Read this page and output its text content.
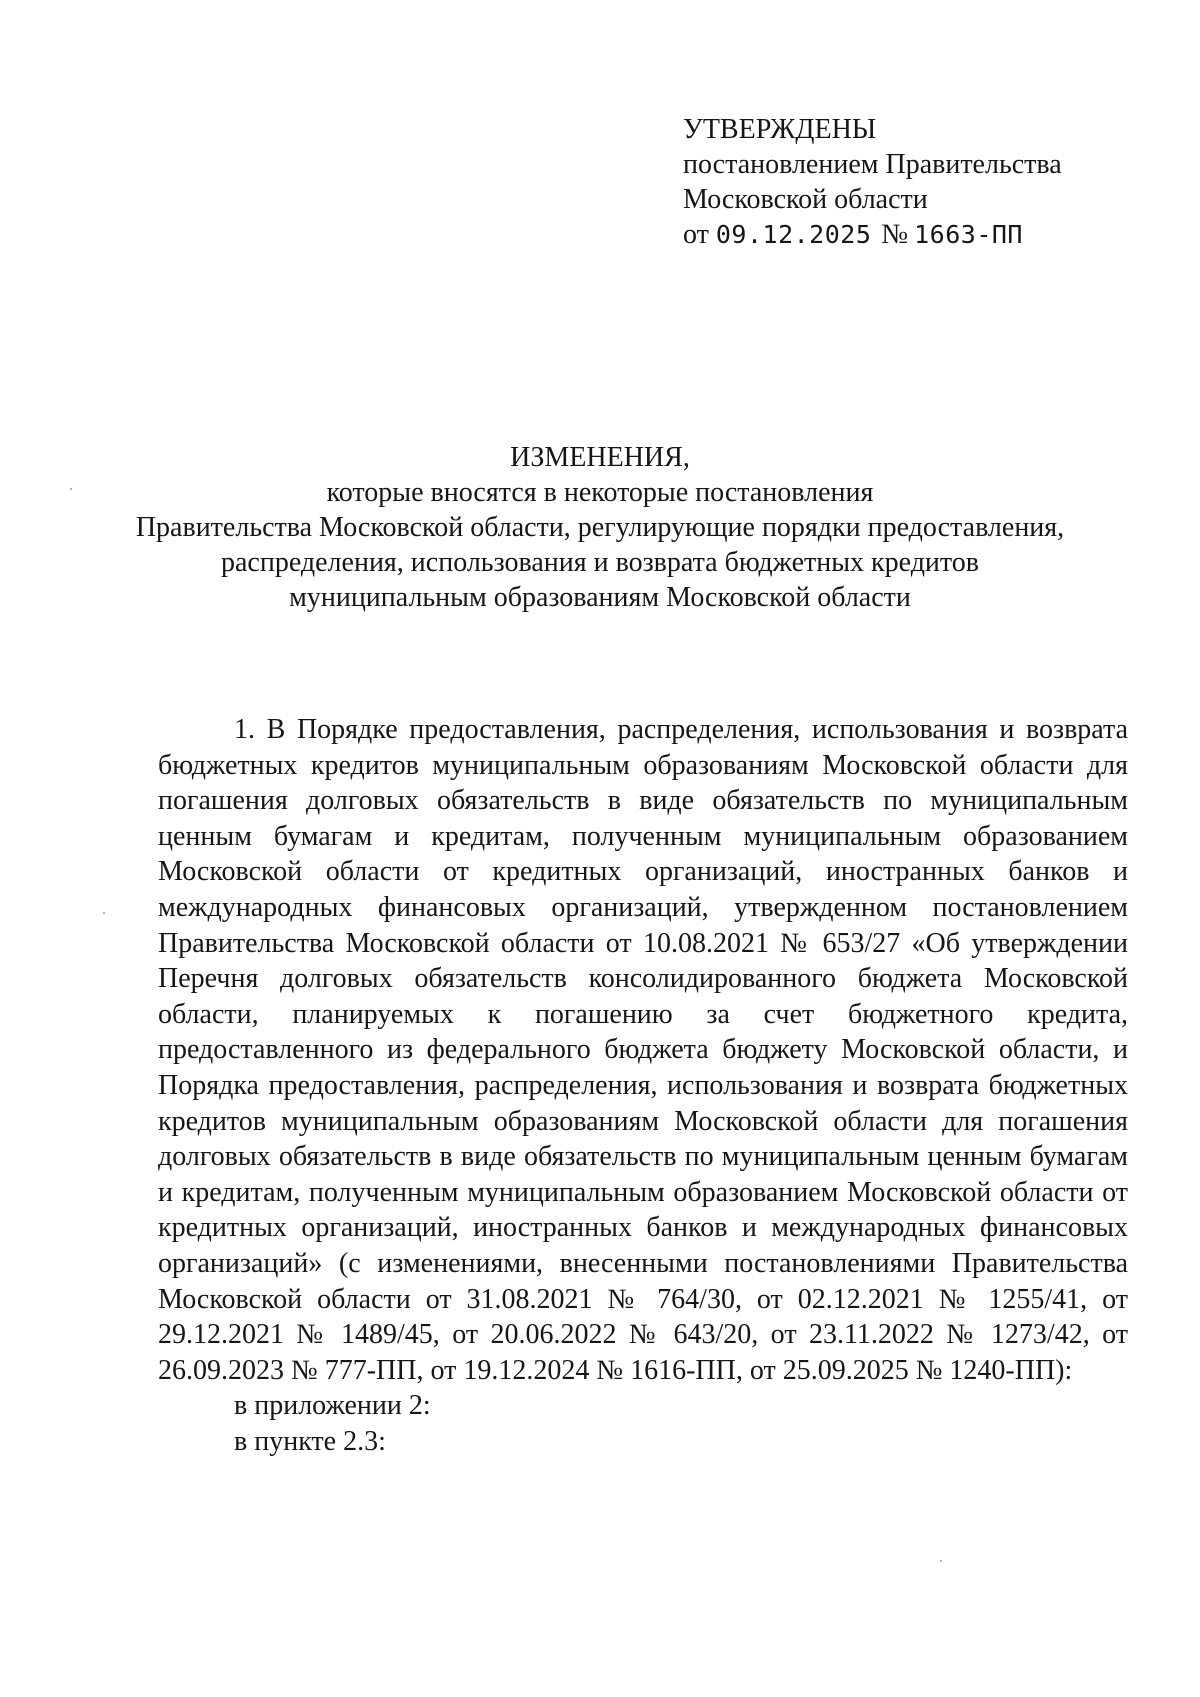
УТВЕРЖДЕНЫ
постановлением Правительства
Московской области
от 09.12.2025 № 1663-ПП
ИЗМЕНЕНИЯ,
которые вносятся в некоторые постановления
Правительства Московской области, регулирующие порядки предоставления,
распределения, использования и возврата бюджетных кредитов
муниципальным образованиям Московской области

1. В Порядке предоставления, распределения, использования и возврата бюджетных кредитов муниципальным образованиям Московской области для погашения долговых обязательств в виде обязательств по муниципальным ценным бумагам и кредитам, полученным муниципальным образованием Московской области от кредитных организаций, иностранных банков и международных финансовых организаций, утвержденном постановлением Правительства Московской области от 10.08.2021 № 653/27 «Об утверждении Перечня долговых обязательств консолидированного бюджета Московской области, планируемых к погашению за счет бюджетного кредита, предоставленного из федерального бюджета бюджету Московской области, и Порядка предоставления, распределения, использования и возврата бюджетных кредитов муниципальным образованиям Московской области для погашения долговых обязательств в виде обязательств по муниципальным ценным бумагам и кредитам, полученным муниципальным образованием Московской области от кредитных организаций, иностранных банков и международных финансовых организаций» (с изменениями, внесенными постановлениями Правительства Московской области от 31.08.2021 № 764/30, от 02.12.2021 № 1255/41, от 29.12.2021 № 1489/45, от 20.06.2022 № 643/20, от 23.11.2022 № 1273/42, от 26.09.2023 № 777-ПП, от 19.12.2024 № 1616-ПП, от 25.09.2025 № 1240-ПП):

в приложении 2:

в пункте 2.3:
